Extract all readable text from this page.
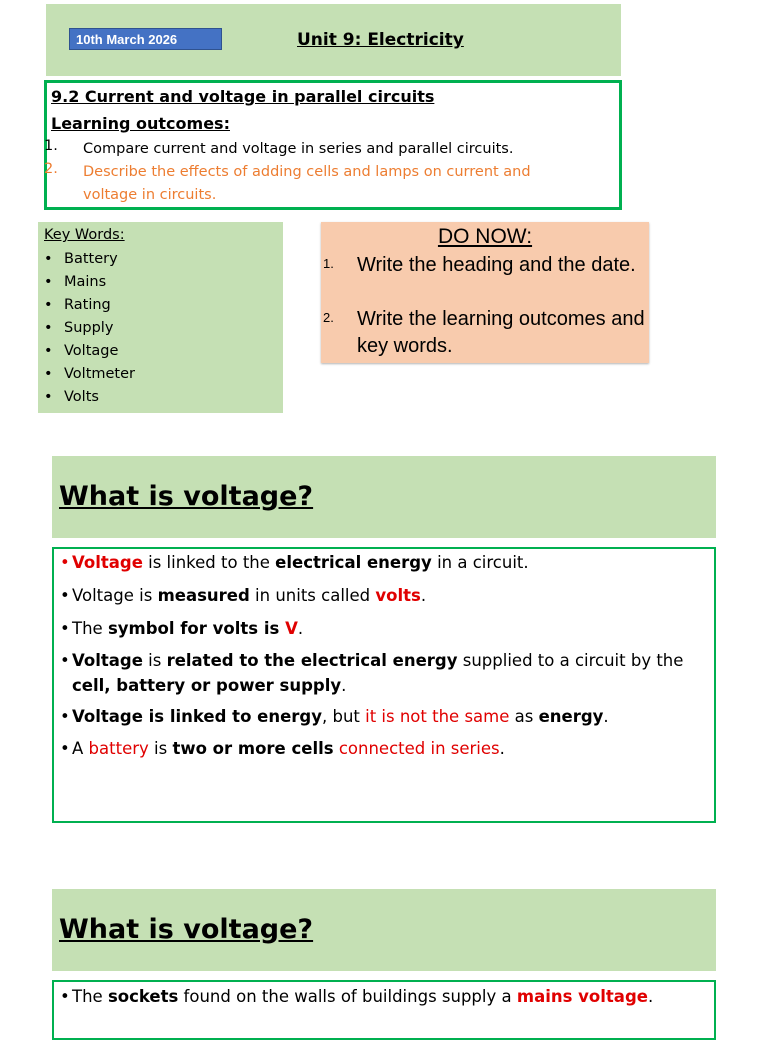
10th March 2026	Unit 9: Electricity
9.2 Current and voltage in parallel circuits
Learning outcomes:
1. Compare current and voltage in series and parallel circuits.
2. Describe the effects of adding cells and lamps on current and voltage in circuits.
Key Words:
• Battery
• Mains
• Rating
• Supply
• Voltage
• Voltmeter
• Volts
DO NOW:
1. Write the heading and the date.
2. Write the learning outcomes and key words.
What is voltage?
• Voltage is linked to the electrical energy in a circuit.
• Voltage is measured in units called volts.
• The symbol for volts is V.
• Voltage is related to the electrical energy supplied to a circuit by the cell, battery or power supply.
• Voltage is linked to energy, but it is not the same as energy.
• A battery is two or more cells connected in series.
What is voltage?
• The sockets found on the walls of buildings supply a mains voltage.
